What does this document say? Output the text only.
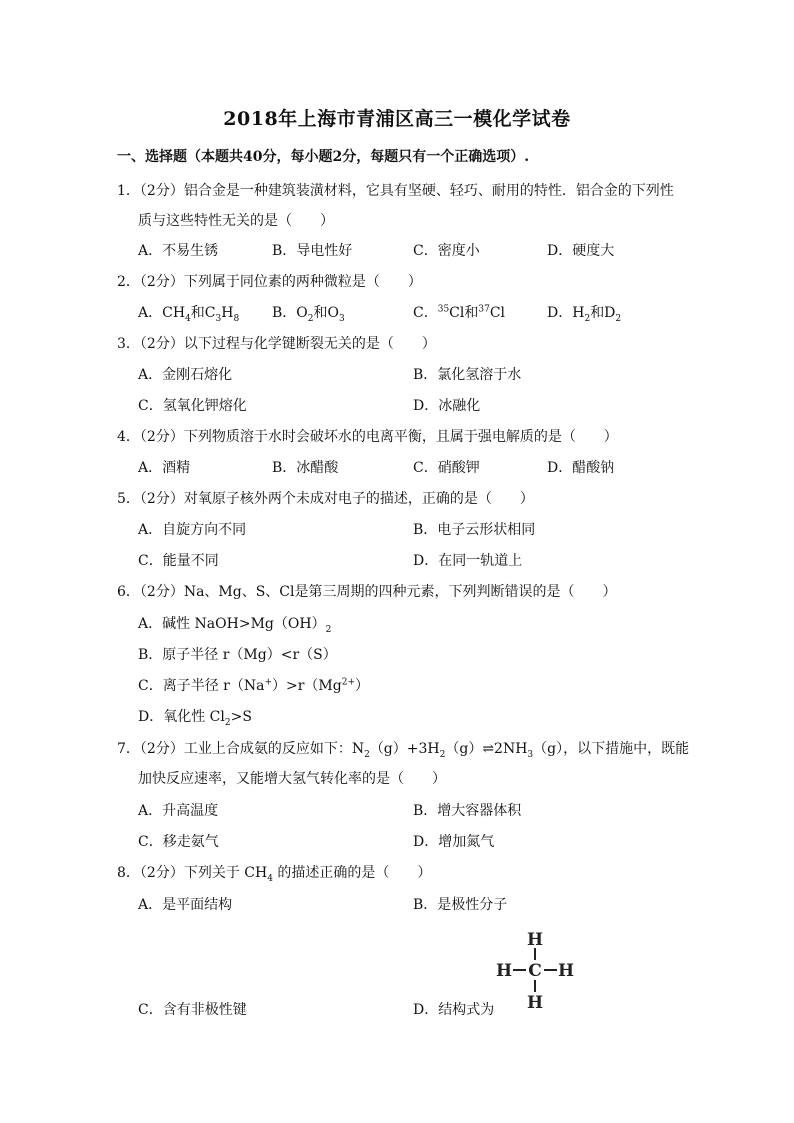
2018年上海市青浦区高三一模化学试卷
一、选择题（本题共40分，每小题2分，每题只有一个正确选项）.
1．（2分）铝合金是一种建筑装潢材料，它具有坚硬、轻巧、耐用的特性．铝合金的下列性
质与这些特性无关的是（　　）
A．不易生锈	B．导电性好	C．密度小	D．硬度大
2．（2分）下列属于同位素的两种微粒是（　　）
A．$CH_4$和$C_3H_8$ B．$O_2$和$O_3$	C．$^{35}$Cl和$^{37}$Cl	D．$H_2$和$D_2$
3．（2分）以下过程与化学键断裂无关的是（　　）
A．金刚石熔化	B．氯化氢溶于水
C．氢氧化钾熔化	D．冰融化
4．（2分）下列物质溶于水时会破坏水的电离平衡，且属于强电解质的是（　　）
A．酒精	B．冰醋酸	C．硝酸钾	D．醋酸钠
5．（2分）对氧原子核外两个未成对电子的描述，正确的是（　　）
A．自旋方向不同	B．电子云形状相同
C．能量不同	D．在同一轨道上
6．（2分）Na、Mg、S、Cl是第三周期的四种元素，下列判断错误的是（　　）
A．碱性 $NaOH>Mg(OH)_2$
B．原子半径 r（Mg）<r（S）
C．离子半径 $r(Na^+)>r(Mg^{2+})$
D．氧化性 $Cl_2>S$
7．（2分）工业上合成氨的反应如下：$N_2(g)+3H_2(g)\rightleftharpoons 2NH_3(g)$，以下措施中，既能
加快反应速率，又能增大氢气转化率的是（　　）
A．升高温度	B．增大容器体积
C．移走氨气	D．增加氮气
8．（2分）下列关于 $CH_4$ 的描述正确的是（　　）
A．是平面结构	B．是极性分子
C．含有非极性键	D．结构式为
H
H C H
H
